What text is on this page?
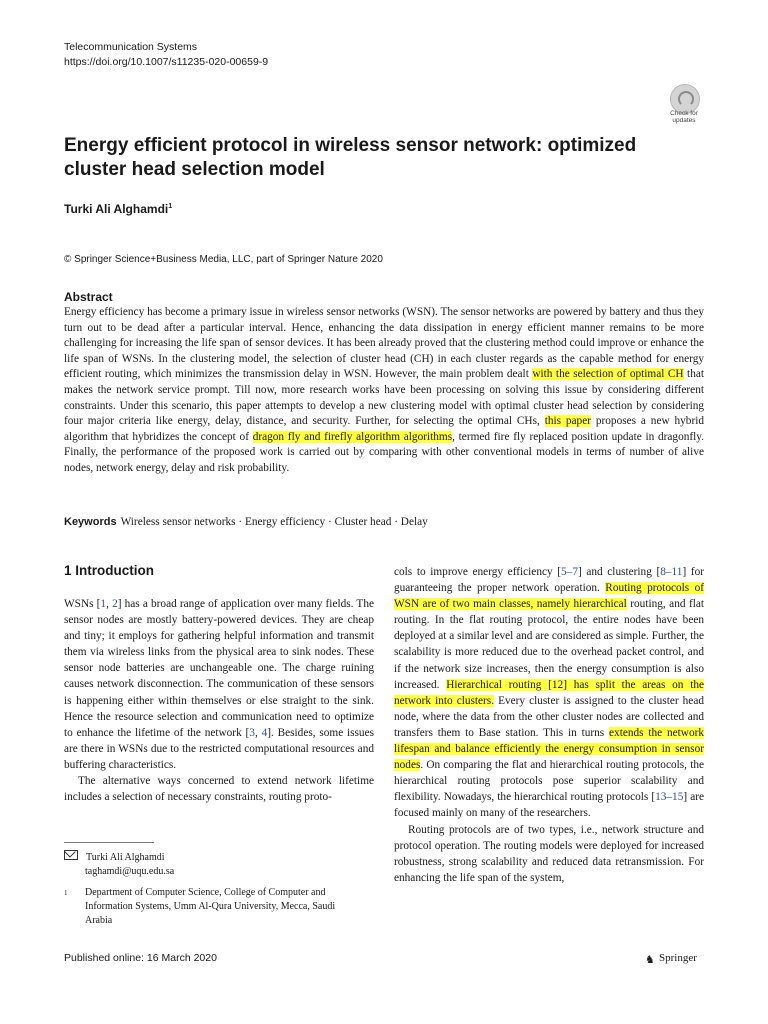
Telecommunication Systems
https://doi.org/10.1007/s11235-020-00659-9
Check for
updates
Energy efficient protocol in wireless sensor network: optimized cluster head selection model
Turki Ali Alghamdi$^1$
© Springer Science+Business Media, LLC, part of Springer Nature 2020
Abstract
Energy efficiency has become a primary issue in wireless sensor networks (WSN). The sensor networks are powered by battery and thus they turn out to be dead after a particular interval. Hence, enhancing the data dissipation in energy efficient manner remains to be more challenging for increasing the life span of sensor devices. It has been already proved that the clustering method could improve or enhance the life span of WSNs. In the clustering model, the selection of cluster head (CH) in each cluster regards as the capable method for energy efficient routing, which minimizes the transmission delay in WSN. However, the main problem dealt with the selection of optimal CH that makes the network service prompt. Till now, more research works have been processing on solving this issue by considering different constraints. Under this scenario, this paper attempts to develop a new clustering model with optimal cluster head selection by considering four major criteria like energy, delay, distance, and security. Further, for selecting the optimal CHs, this paper proposes a new hybrid algorithm that hybridizes the concept of dragon fly and firefly algorithm algorithms, termed fire fly replaced position update in dragonfly. Finally, the performance of the proposed work is carried out by comparing with other conventional models in terms of number of alive nodes, network energy, delay and risk probability.
Keywords Wireless sensor networks · Energy efficiency · Cluster head · Delay
1 Introduction

WSNs [1, 2] has a broad range of application over many fields. The sensor nodes are mostly battery-powered devices. They are cheap and tiny; it employs for gathering helpful information and transmit them via wireless links from the physical area to sink nodes. These sensor node batteries are unchangeable one. The charge ruining causes network disconnection. The communication of these sensors is happening either within themselves or else straight to the sink. Hence the resource selection and communication need to optimize to enhance the lifetime of the network [3, 4]. Besides, some issues are there in WSNs due to the restricted computational resources and buffering characteristics.

The alternative ways concerned to extend network lifetime includes a selection of necessary constraints, routing proto-

cols to improve energy efficiency [5–7] and clustering [8–11] for guaranteeing the proper network operation. Routing protocols of WSN are of two main classes, namely hierarchical routing, and flat routing. In the flat routing protocol, the entire nodes have been deployed at a similar level and are considered as simple. Further, the scalability is more reduced due to the overhead packet control, and if the network size increases, then the energy consumption is also increased. Hierarchical routing [12] has split the areas on the network into clusters. Every cluster is assigned to the cluster head node, where the data from the other cluster nodes are collected and transfers them to Base station. This in turns extends the network lifespan and balance efficiently the energy consumption in sensor nodes. On comparing the flat and hierarchical routing protocols, the hierarchical routing protocols pose superior scalability and flexibility. Nowadays, the hierarchical routing protocols [13–15] are focused mainly on many of the researchers.

Routing protocols are of two types, i.e., network structure and protocol operation. The routing models were deployed for increased robustness, strong scalability and reduced data retransmission. For enhancing the life span of the system,

Turki Ali Alghamdi
taghamdi@uqu.edu.sa
1	Department of Computer Science, College of Computer and Information Systems, Umm Al-Qura University, Mecca, Saudi Arabia
Published online: 16 March 2020	♞ Springer
